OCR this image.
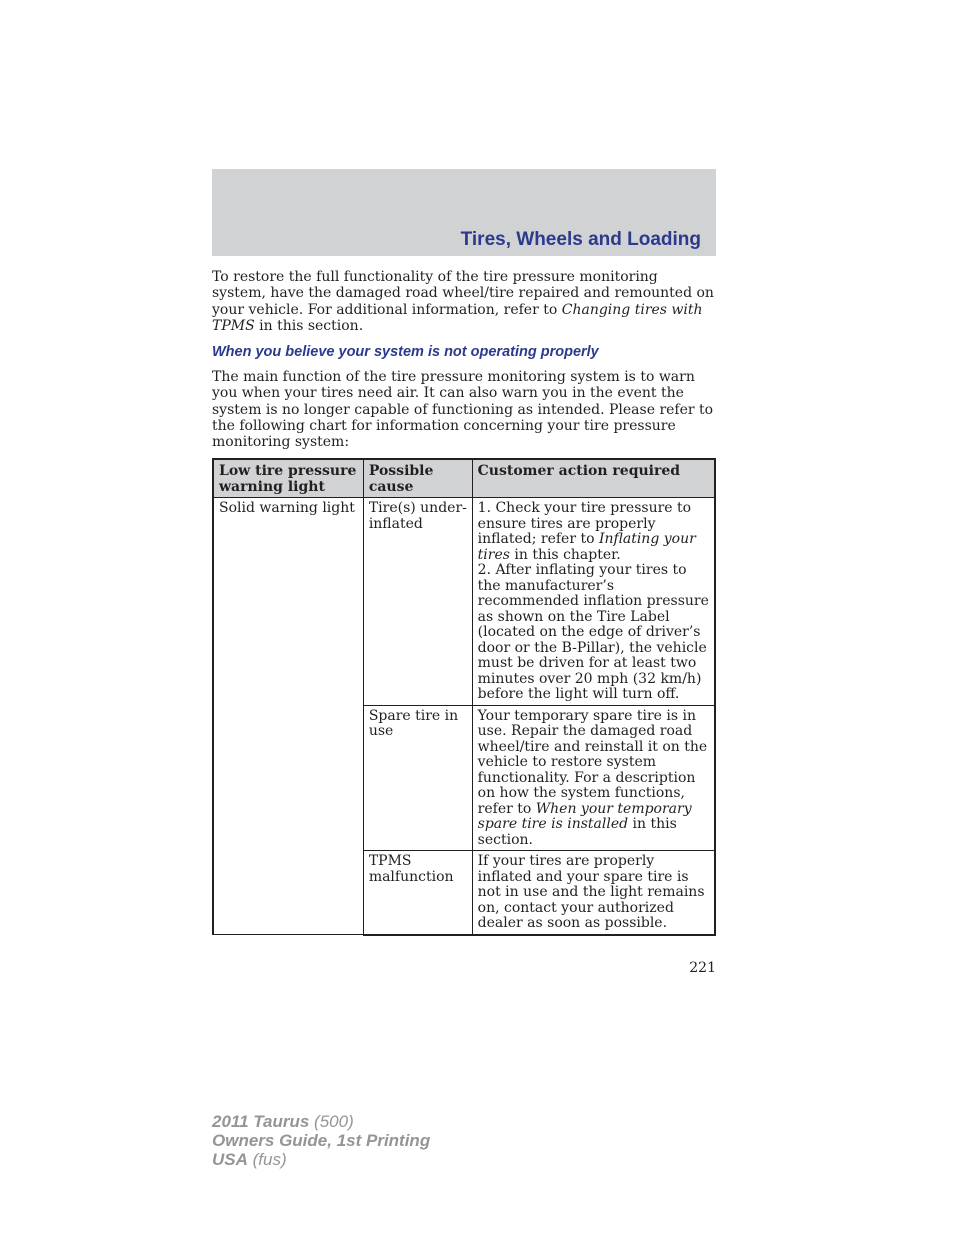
Tires, Wheels and Loading

To restore the full functionality of the tire pressure monitoring system, have the damaged road wheel/tire repaired and remounted on your vehicle. For additional information, refer to Changing tires with TPMS in this section.

When you believe your system is not operating properly

The main function of the tire pressure monitoring system is to warn you when your tires need air. It can also warn you in the event the system is no longer capable of functioning as intended. Please refer to the following chart for information concerning your tire pressure monitoring system:

Low tire pressure warning light	Possible cause	Customer action required
Solid warning light	Tire(s) under-inflated	1. Check your tire pressure to ensure tires are properly inflated; refer to Inflating your tires in this chapter.
2. After inflating your tires to the manufacturer’s recommended inflation pressure as shown on the Tire Label (located on the edge of driver’s door or the B-Pillar), the vehicle must be driven for at least two minutes over 20 mph (32 km/h) before the light will turn off.
	Spare tire in use	Your temporary spare tire is in use. Repair the damaged road wheel/tire and reinstall it on the vehicle to restore system functionality. For a description on how the system functions, refer to When your temporary spare tire is installed in this section.
	TPMS malfunction	If your tires are properly inflated and your spare tire is not in use and the light remains on, contact your authorized dealer as soon as possible.
221
2011 Taurus (500)
Owners Guide, 1st Printing
USA (fus)
